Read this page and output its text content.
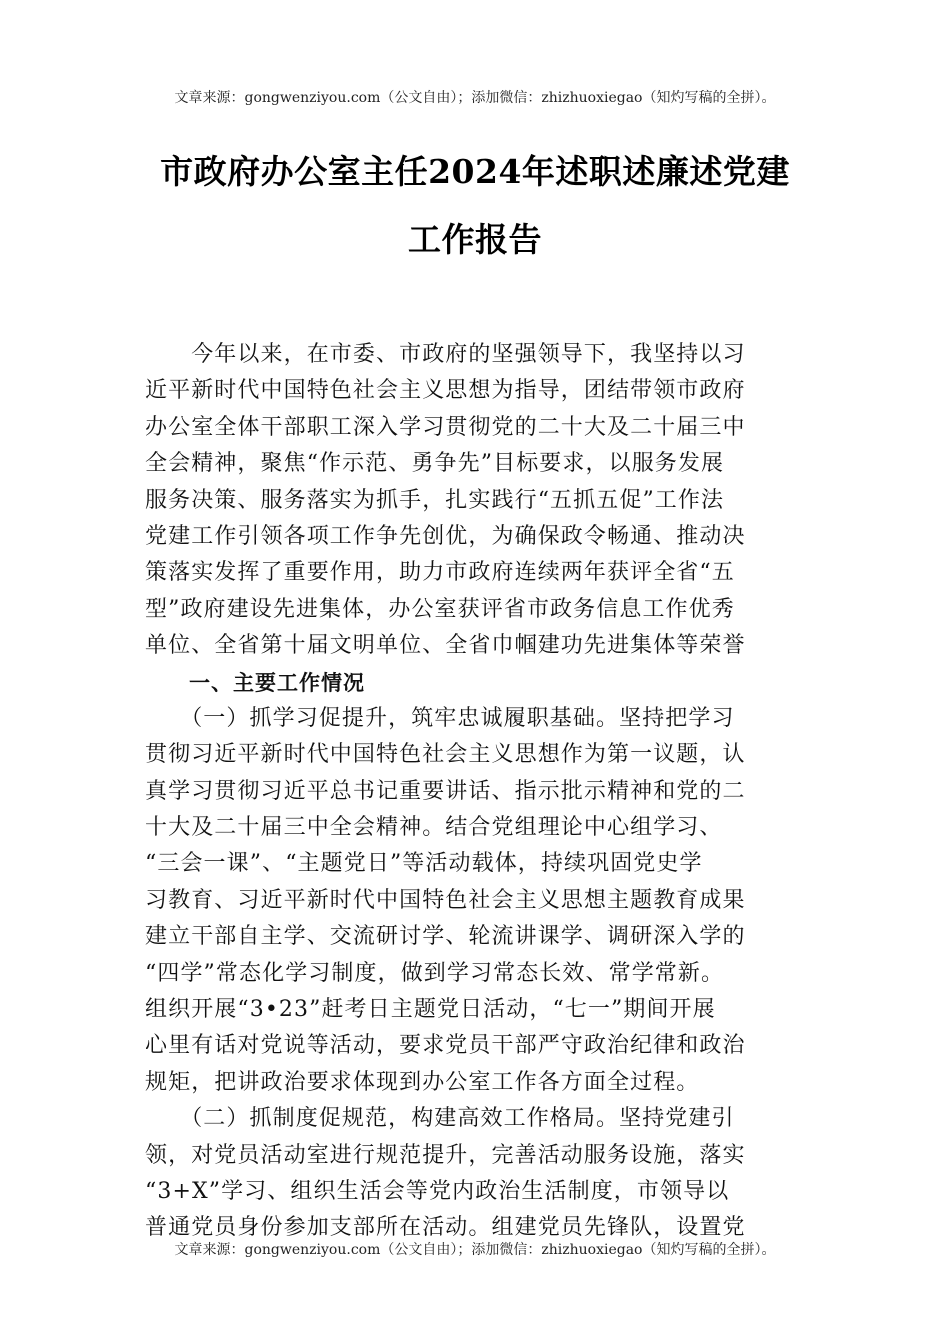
文章来源：gongwenziyou.com（公文自由）；添加微信：zhizhuoxiegao（知灼写稿的全拼）。
市政府办公室主任2024年述职述廉述党建
工作报告
　　今年以来，在市委、市政府的坚强领导下，我坚持以习
近平新时代中国特色社会主义思想为指导，团结带领市政府
办公室全体干部职工深入学习贯彻党的二十大及二十届三中
全会精神，聚焦“作示范、勇争先”目标要求，以服务发展
服务决策、服务落实为抓手，扎实践行“五抓五促”工作法
党建工作引领各项工作争先创优，为确保政令畅通、推动决
策落实发挥了重要作用，助力市政府连续两年获评全省“五
型”政府建设先进集体，办公室获评省市政务信息工作优秀
单位、全省第十届文明单位、全省巾帼建功先进集体等荣誉
　　一、主要工作情况
　　（一）抓学习促提升，筑牢忠诚履职基础。坚持把学习
贯彻习近平新时代中国特色社会主义思想作为第一议题，认
真学习贯彻习近平总书记重要讲话、指示批示精神和党的二
十大及二十届三中全会精神。结合党组理论中心组学习、
“三会一课”、“主题党日”等活动载体，持续巩固党史学
习教育、习近平新时代中国特色社会主义思想主题教育成果
建立干部自主学、交流研讨学、轮流讲课学、调研深入学的
“四学”常态化学习制度，做到学习常态长效、常学常新。
组织开展“3•23”赶考日主题党日活动，“七一”期间开展
心里有话对党说等活动，要求党员干部严守政治纪律和政治
规矩，把讲政治要求体现到办公室工作各方面全过程。
　　（二）抓制度促规范，构建高效工作格局。坚持党建引
领，对党员活动室进行规范提升，完善活动服务设施，落实
“3+X”学习、组织生活会等党内政治生活制度，市领导以
普通党员身份参加支部所在活动。组建党员先锋队，设置党
文章来源：gongwenziyou.com（公文自由）；添加微信：zhizhuoxiegao（知灼写稿的全拼）。
